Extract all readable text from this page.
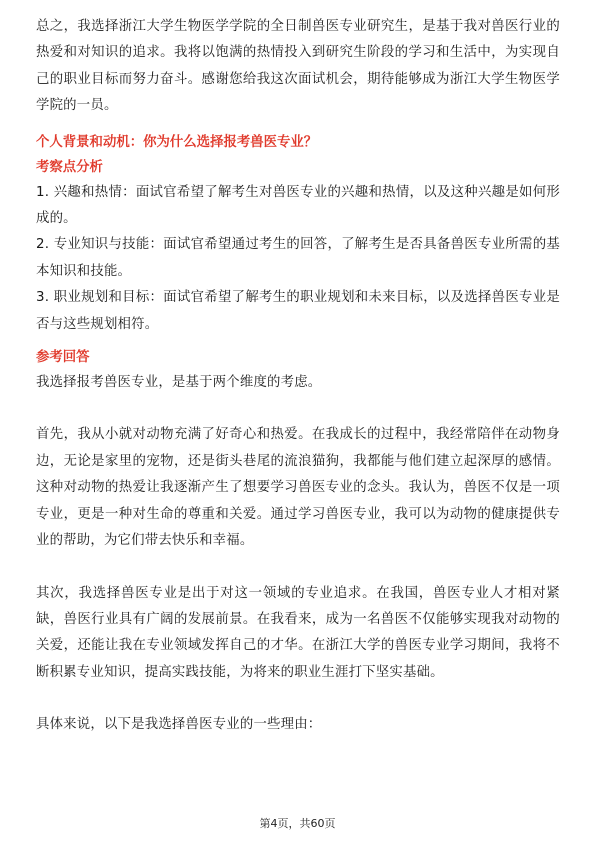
总之，我选择浙江大学生物医学学院的全日制兽医专业研究生，是基于我对兽医行业的热爱和对知识的追求。我将以饱满的热情投入到研究生阶段的学习和生活中，为实现自己的职业目标而努力奋斗。感谢您给我这次面试机会，期待能够成为浙江大学生物医学学院的一员。

个人背景和动机：你为什么选择报考兽医专业？
考察点分析

1. 兴趣和热情：面试官希望了解考生对兽医专业的兴趣和热情，以及这种兴趣是如何形成的。

2. 专业知识与技能：面试官希望通过考生的回答，了解考生是否具备兽医专业所需的基本知识和技能。

3. 职业规划和目标：面试官希望了解考生的职业规划和未来目标，以及选择兽医专业是否与这些规划相符。

参考回答

我选择报考兽医专业，是基于两个维度的考虑。

首先，我从小就对动物充满了好奇心和热爱。在我成长的过程中，我经常陪伴在动物身边，无论是家里的宠物，还是街头巷尾的流浪猫狗，我都能与他们建立起深厚的感情。这种对动物的热爱让我逐渐产生了想要学习兽医专业的念头。我认为，兽医不仅是一项专业，更是一种对生命的尊重和关爱。通过学习兽医专业，我可以为动物的健康提供专业的帮助，为它们带去快乐和幸福。

其次，我选择兽医专业是出于对这一领域的专业追求。在我国，兽医专业人才相对紧缺，兽医行业具有广阔的发展前景。在我看来，成为一名兽医不仅能够实现我对动物的关爱，还能让我在专业领域发挥自己的才华。在浙江大学的兽医专业学习期间，我将不断积累专业知识，提高实践技能，为将来的职业生涯打下坚实基础。

具体来说，以下是我选择兽医专业的一些理由：

第4页，共60页
